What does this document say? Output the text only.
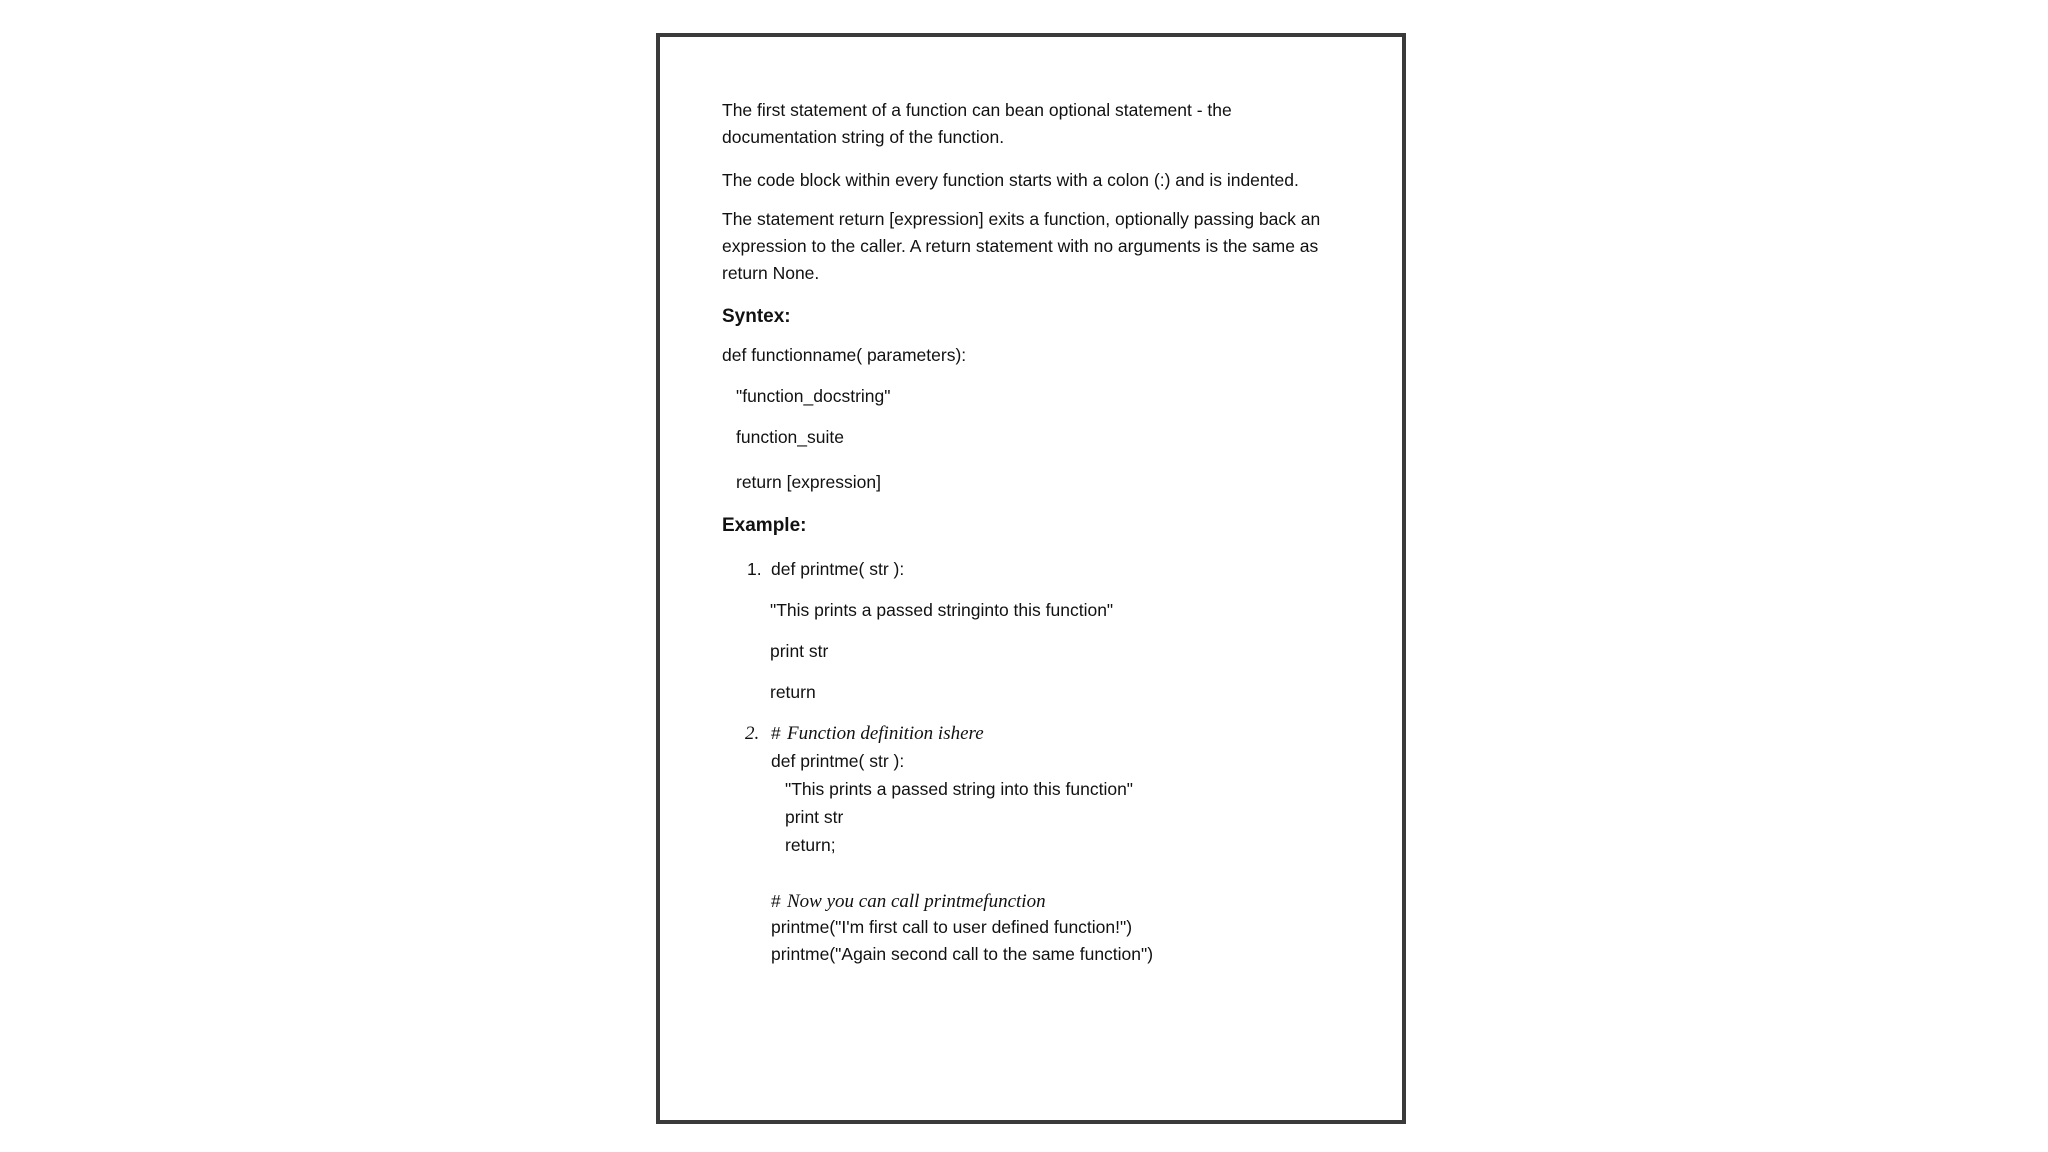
The first statement of a function can bean optional statement - the
documentation string of the function.
The code block within every function starts with a colon (:) and is indented.
The statement return [expression] exits a function, optionally passing back an
expression to the caller. A return statement with no arguments is the same as
return None.
Syntex:
def functionname( parameters):
"function_docstring"
function_suite
return [expression]
Example:
1. def printme( str ):
"This prints a passed stringinto this function"
print str
return
2. # Function definition ishere
def printme( str ):
"This prints a passed string into this function"
print str
return;
# Now you can call printmefunction
printme("I'm first call to user defined function!")
printme("Again second call to the same function")
